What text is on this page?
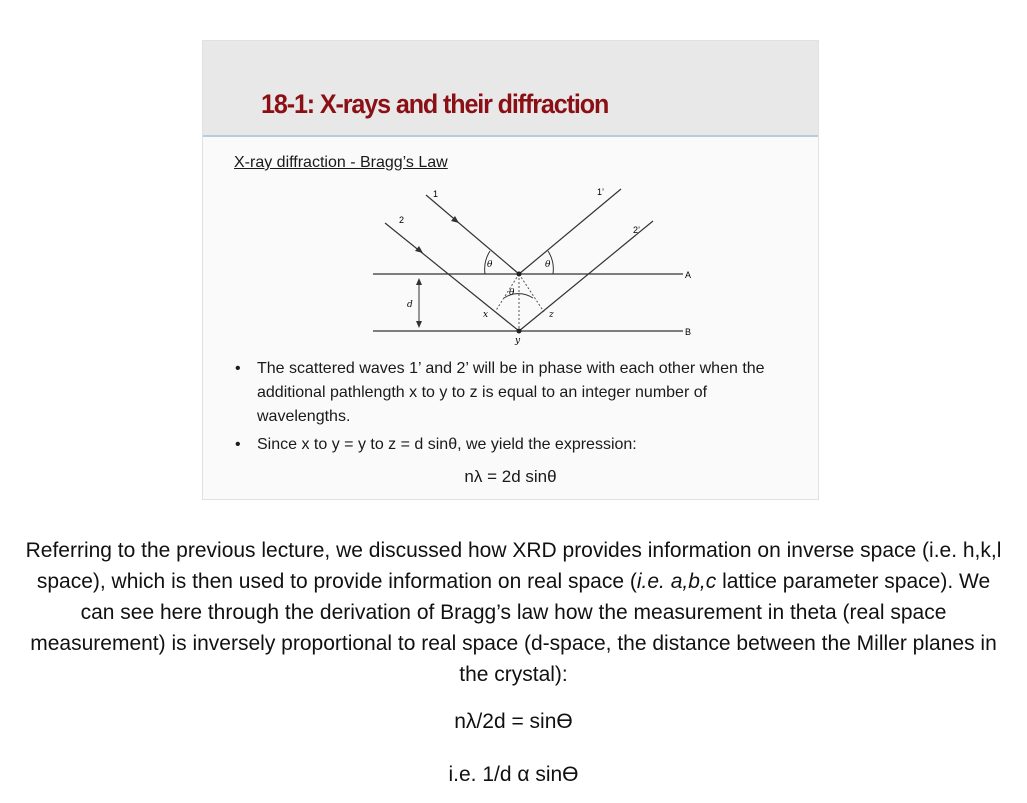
18-1: X-rays and their diffraction
X-ray diffraction - Bragg’s Law
1
2
1’
2’
θ	θ
θ
A
B
x
y
z
d
• The scattered waves 1’ and 2’ will be in phase with each other when the additional pathlength x to y to z is equal to an integer number of wavelengths.
• Since x to y = y to z = d sinθ, we yield the expression:
nλ = 2d sinθ
Referring to the previous lecture, we discussed how XRD provides information on inverse space (i.e. h,k,l space), which is then used to provide information on real space (i.e. a,b,c lattice parameter space). We can see here through the derivation of Bragg’s law how the measurement in theta (real space measurement) is inversely proportional to real space (d-space, the distance between the Miller planes in the crystal):
nλ/2d = sinϴ
i.e. 1/d α sinϴ
